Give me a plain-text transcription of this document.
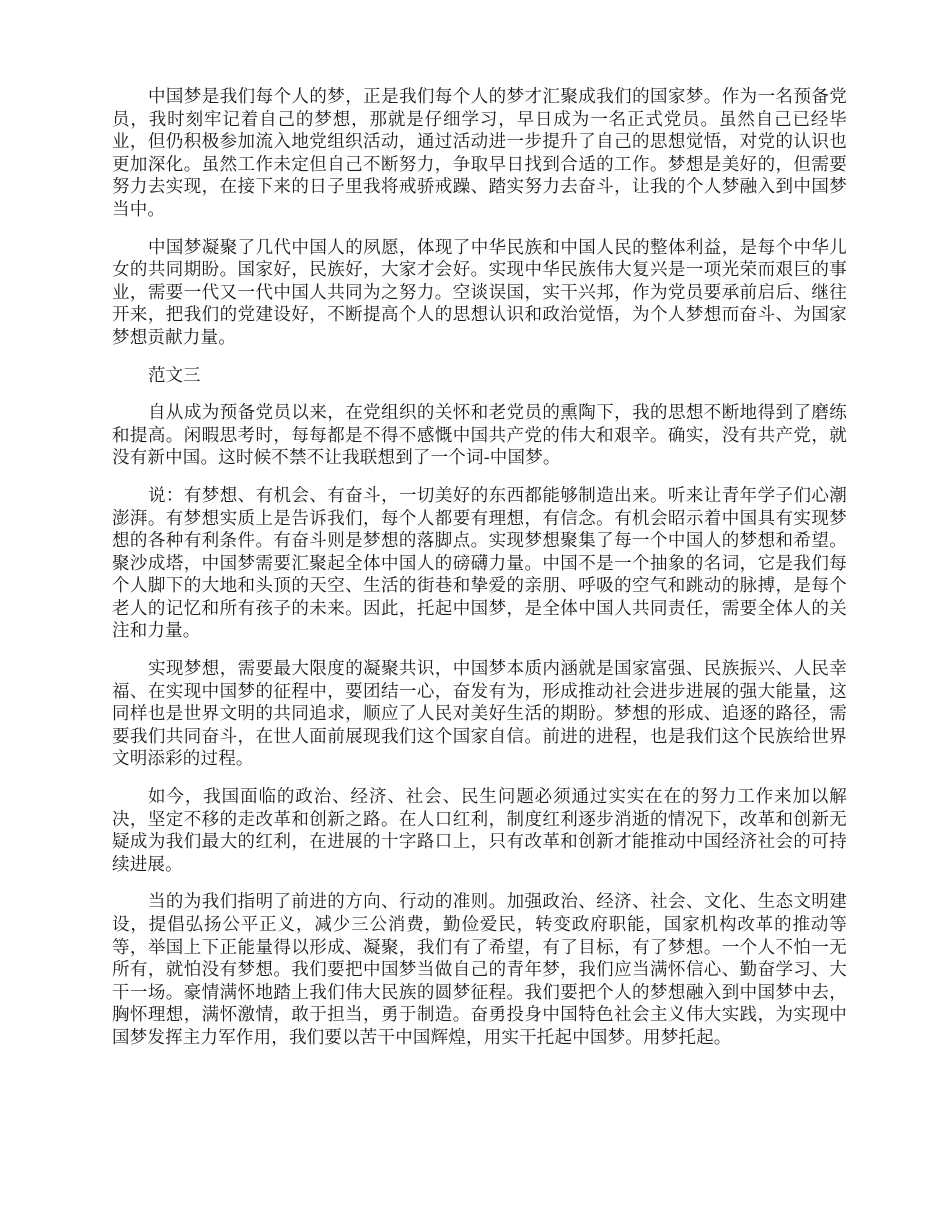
中国梦是我们每个人的梦，正是我们每个人的梦才汇聚成我们的国家梦。作为一名预备党员，我时刻牢记着自己的梦想，那就是仔细学习，早日成为一名正式党员。虽然自己已经毕业，但仍积极参加流入地党组织活动，通过活动进一步提升了自己的思想觉悟，对党的认识也更加深化。虽然工作未定但自己不断努力，争取早日找到合适的工作。梦想是美好的，但需要努力去实现，在接下来的日子里我将戒骄戒躁、踏实努力去奋斗，让我的个人梦融入到中国梦当中。

中国梦凝聚了几代中国人的夙愿，体现了中华民族和中国人民的整体利益，是每个中华儿女的共同期盼。国家好，民族好，大家才会好。实现中华民族伟大复兴是一项光荣而艰巨的事业，需要一代又一代中国人共同为之努力。空谈误国，实干兴邦，作为党员要承前启后、继往开来，把我们的党建设好，不断提高个人的思想认识和政治觉悟，为个人梦想而奋斗、为国家梦想贡献力量。

范文三

自从成为预备党员以来，在党组织的关怀和老党员的熏陶下，我的思想不断地得到了磨练和提高。闲暇思考时，每每都是不得不感慨中国共产党的伟大和艰辛。确实，没有共产党，就没有新中国。这时候不禁不让我联想到了一个词-中国梦。

说：有梦想、有机会、有奋斗，一切美好的东西都能够制造出来。听来让青年学子们心潮澎湃。有梦想实质上是告诉我们，每个人都要有理想，有信念。有机会昭示着中国具有实现梦想的各种有利条件。有奋斗则是梦想的落脚点。实现梦想聚集了每一个中国人的梦想和希望。聚沙成塔，中国梦需要汇聚起全体中国人的磅礴力量。中国不是一个抽象的名词，它是我们每个人脚下的大地和头顶的天空、生活的街巷和挚爱的亲朋、呼吸的空气和跳动的脉搏，是每个老人的记忆和所有孩子的未来。因此，托起中国梦，是全体中国人共同责任，需要全体人的关注和力量。

实现梦想，需要最大限度的凝聚共识，中国梦本质内涵就是国家富强、民族振兴、人民幸福、在实现中国梦的征程中，要团结一心，奋发有为，形成推动社会进步进展的强大能量，这同样也是世界文明的共同追求，顺应了人民对美好生活的期盼。梦想的形成、追逐的路径，需要我们共同奋斗，在世人面前展现我们这个国家自信。前进的进程，也是我们这个民族给世界文明添彩的过程。

如今，我国面临的政治、经济、社会、民生问题必须通过实实在在的努力工作来加以解决，坚定不移的走改革和创新之路。在人口红利，制度红利逐步消逝的情况下，改革和创新无疑成为我们最大的红利，在进展的十字路口上，只有改革和创新才能推动中国经济社会的可持续进展。

当的为我们指明了前进的方向、行动的准则。加强政治、经济、社会、文化、生态文明建设，提倡弘扬公平正义，减少三公消费，勤俭爱民，转变政府职能，国家机构改革的推动等等，举国上下正能量得以形成、凝聚，我们有了希望，有了目标，有了梦想。一个人不怕一无所有，就怕没有梦想。我们要把中国梦当做自己的青年梦，我们应当满怀信心、勤奋学习、大干一场。豪情满怀地踏上我们伟大民族的圆梦征程。我们要把个人的梦想融入到中国梦中去，胸怀理想，满怀激情，敢于担当，勇于制造。奋勇投身中国特色社会主义伟大实践，为实现中国梦发挥主力军作用，我们要以苦干中国辉煌，用实干托起中国梦。用梦托起。
